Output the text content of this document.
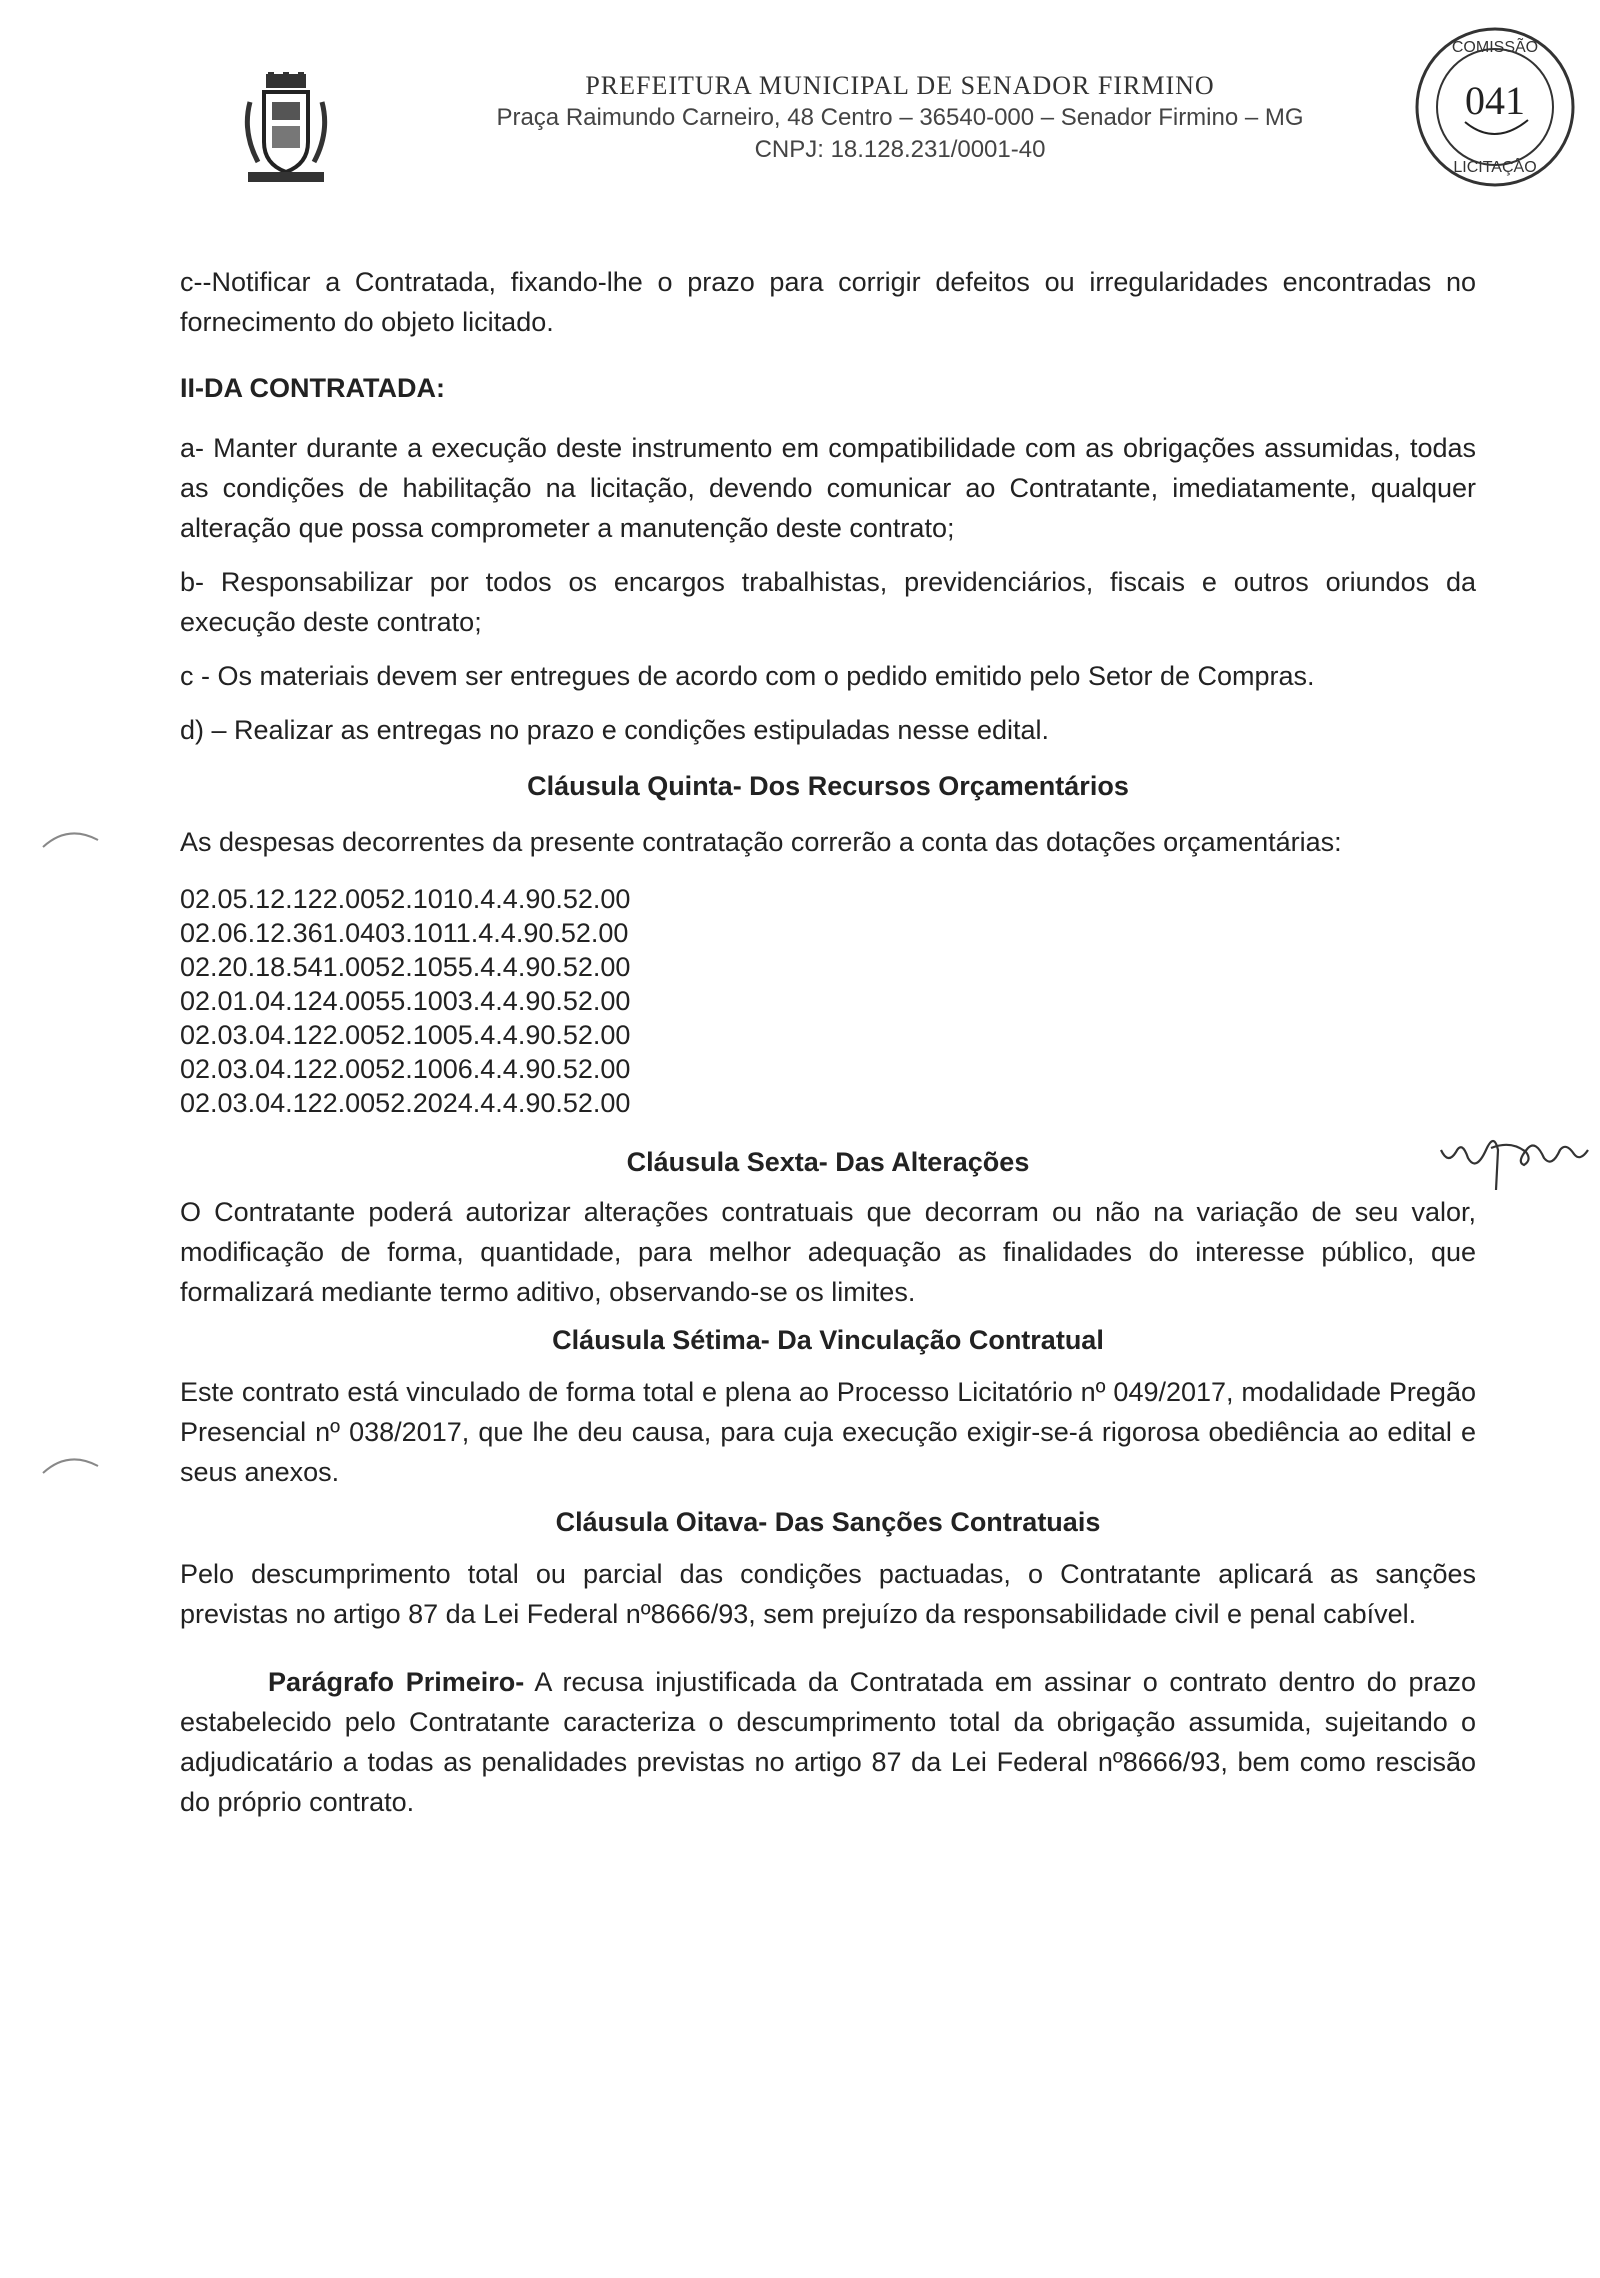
PREFEITURA MUNICIPAL DE SENADOR FIRMINO

Praça Raimundo Carneiro, 48 Centro – 36540-000 – Senador Firmino – MG

CNPJ: 18.128.231/0001-40

COMISSÃO
041
LICITAÇÃO

c--Notificar a Contratada, fixando-lhe o prazo para corrigir defeitos ou irregularidades encontradas no fornecimento do objeto licitado.

II-DA CONTRATADA:

a- Manter durante a execução deste instrumento em compatibilidade com as obrigações assumidas, todas as condições de habilitação na licitação, devendo comunicar ao Contratante, imediatamente, qualquer alteração que possa comprometer a manutenção deste contrato;

b- Responsabilizar por todos os encargos trabalhistas, previdenciários, fiscais e outros oriundos da execução deste contrato;

c - Os materiais devem ser entregues de acordo com o pedido emitido pelo Setor de Compras.

d) – Realizar as entregas no prazo e condições estipuladas nesse edital.

Cláusula Quinta- Dos Recursos Orçamentários

As despesas decorrentes da presente contratação correrão a conta das dotações orçamentárias:

02.05.12.122.0052.1010.4.4.90.52.00
02.06.12.361.0403.1011.4.4.90.52.00
02.20.18.541.0052.1055.4.4.90.52.00
02.01.04.124.0055.1003.4.4.90.52.00
02.03.04.122.0052.1005.4.4.90.52.00
02.03.04.122.0052.1006.4.4.90.52.00
02.03.04.122.0052.2024.4.4.90.52.00

Cláusula Sexta- Das Alterações

O Contratante poderá autorizar alterações contratuais que decorram ou não na variação de seu valor, modificação de forma, quantidade, para melhor adequação as finalidades do interesse público, que formalizará mediante termo aditivo, observando-se os limites.

Cláusula Sétima- Da Vinculação Contratual

Este contrato está vinculado de forma total e plena ao Processo Licitatório nº 049/2017, modalidade Pregão Presencial nº 038/2017, que lhe deu causa, para cuja execução exigir-se-á rigorosa obediência ao edital e seus anexos.

Cláusula Oitava- Das Sanções Contratuais

Pelo descumprimento total ou parcial das condições pactuadas, o Contratante aplicará as sanções previstas no artigo 87 da Lei Federal nº8666/93, sem prejuízo da responsabilidade civil e penal cabível.

Parágrafo Primeiro- A recusa injustificada da Contratada em assinar o contrato dentro do prazo estabelecido pelo Contratante caracteriza o descumprimento total da obrigação assumida, sujeitando o adjudicatário a todas as penalidades previstas no artigo 87 da Lei Federal nº8666/93, bem como rescisão do próprio contrato.
